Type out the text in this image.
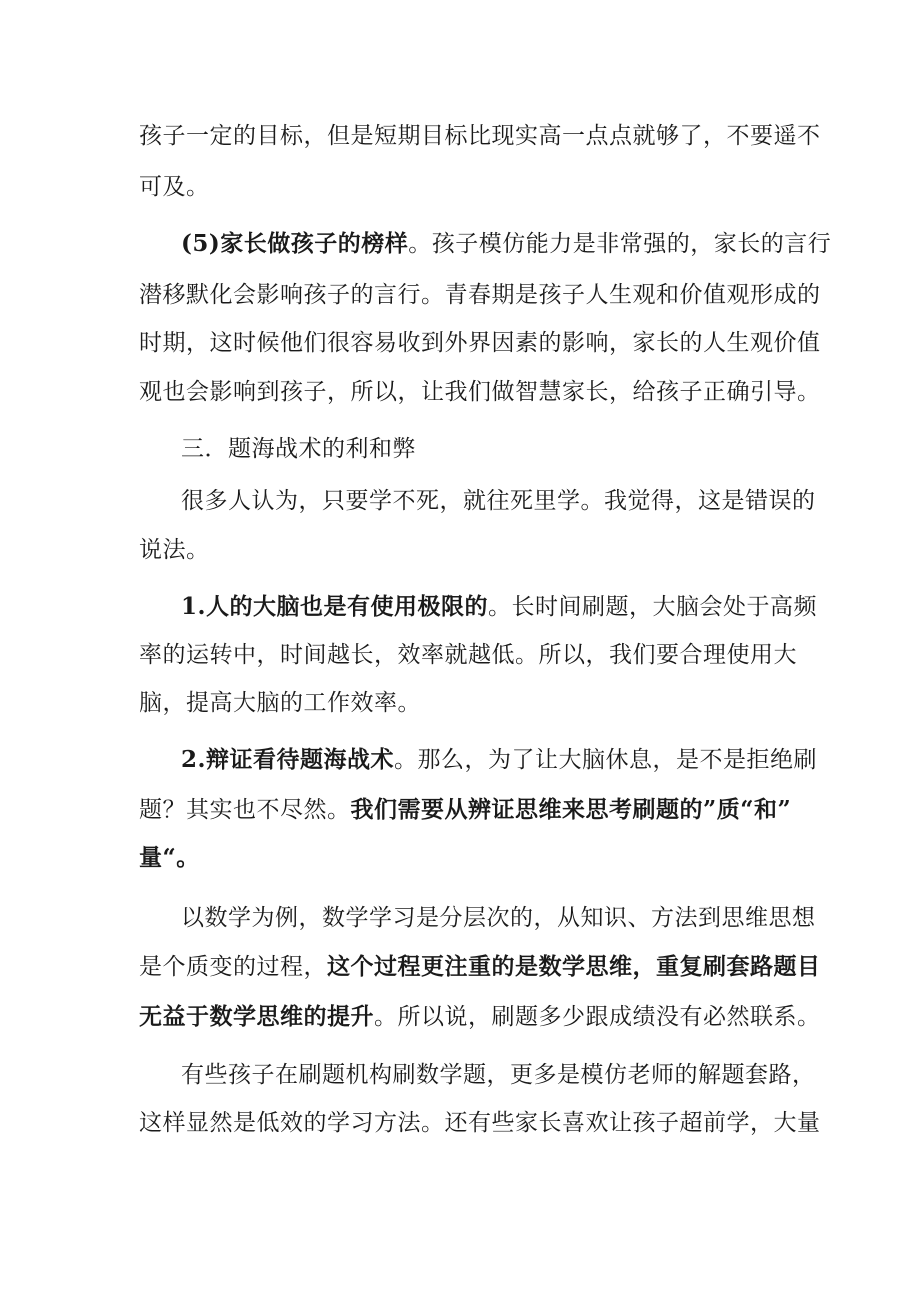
孩子一定的目标，但是短期目标比现实高一点点就够了，不要遥不
可及。
(5)家长做孩子的榜样。孩子模仿能力是非常强的，家长的言行
潜移默化会影响孩子的言行。青春期是孩子人生观和价值观形成的
时期，这时候他们很容易收到外界因素的影响，家长的人生观价值
观也会影响到孩子，所以，让我们做智慧家长，给孩子正确引导。
三．题海战术的利和弊
很多人认为，只要学不死，就往死里学。我觉得，这是错误的
说法。
1.人的大脑也是有使用极限的。长时间刷题，大脑会处于高频
率的运转中，时间越长，效率就越低。所以，我们要合理使用大
脑，提高大脑的工作效率。
2.辩证看待题海战术。那么，为了让大脑休息，是不是拒绝刷
题？其实也不尽然。我们需要从辨证思维来思考刷题的”质“和”
量“。
以数学为例，数学学习是分层次的，从知识、方法到思维思想
是个质变的过程，这个过程更注重的是数学思维，重复刷套路题目
无益于数学思维的提升。所以说，刷题多少跟成绩没有必然联系。
有些孩子在刷题机构刷数学题，更多是模仿老师的解题套路，
这样显然是低效的学习方法。还有些家长喜欢让孩子超前学，大量
